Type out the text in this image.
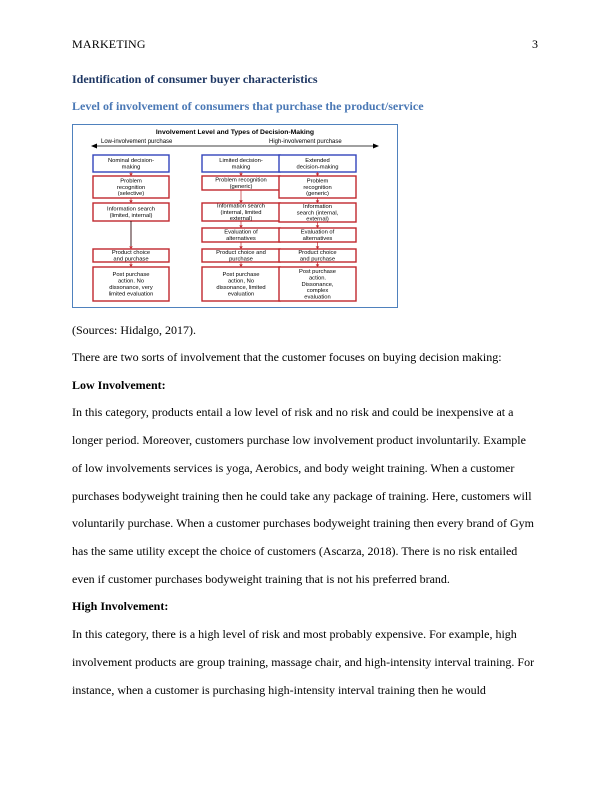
MARKETING	3
Identification of consumer buyer characteristics
Level of involvement of consumers that purchase the product/service
Involvement Level and Types of Decision-Making
Low-involvement purchase	High-involvement purchase
Nominal decision-
making
Problem
recognition
(selective)
Information search
(limited, internal)
Product choice
and purchase
Post purchase
action. No
dissonance, very
limited evaluation
Limited decision-
making
Problem recognition
(generic)
Information search
(internal, limited
external)
Evaluation of
alternatives
Product choice and
purchase
Post purchase
action, No
dissonance, limited
evaluation
Extended
decision-making
Problem
recognition
(generic)
Information
search (internal,
external)
Evaluation of
alternatives
Product choice
and purchase
Post purchase
action.
Dissonance,
complex
evaluation
(Sources: Hidalgo, 2017).
There are two sorts of involvement that the customer focuses on buying decision making:
Low Involvement:
In this category, products entail a low level of risk and no risk and could be inexpensive at a
longer period. Moreover, customers purchase low involvement product involuntarily. Example
of low involvements services is yoga, Aerobics, and body weight training. When a customer
purchases bodyweight training then he could take any package of training. Here, customers will
voluntarily purchase. When a customer purchases bodyweight training then every brand of Gym
has the same utility except the choice of customers (Ascarza, 2018). There is no risk entailed
even if customer purchases bodyweight training that is not his preferred brand.
High Involvement:
In this category, there is a high level of risk and most probably expensive. For example, high
involvement products are group training, massage chair, and high-intensity interval training. For
instance, when a customer is purchasing high-intensity interval training then he would
